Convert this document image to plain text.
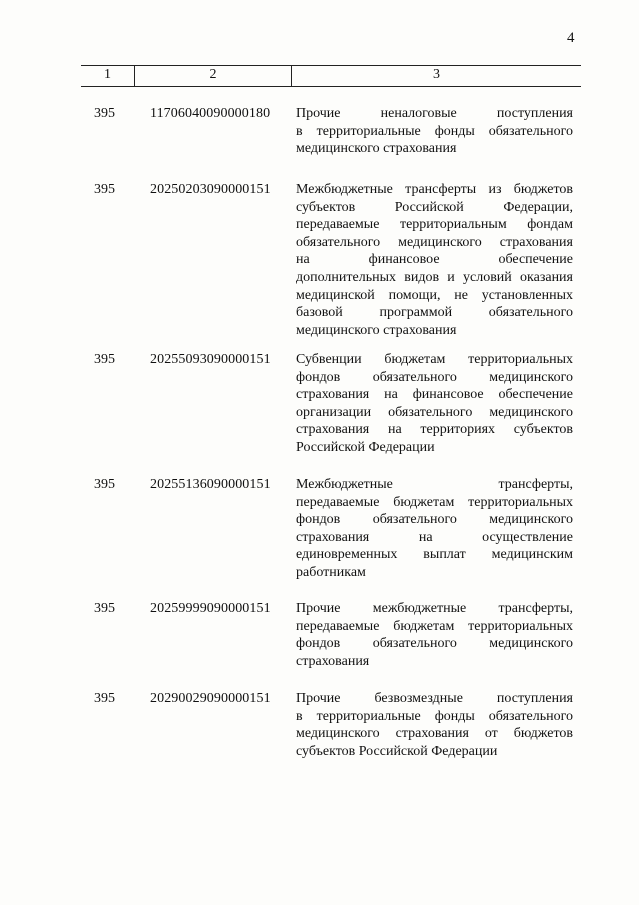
4
1	2	3
395	11706040090000180 Прочие неналоговые поступления
в территориальные фонды обязательного
медицинского страхования
395	20250203090000151 Межбюджетные трансферты из бюджетов
субъектов Российской Федерации,
передаваемые территориальным фондам
обязательного медицинского страхования
на финансовое обеспечение
дополнительных видов и условий оказания
медицинской помощи, не установленных
базовой программой обязательного
медицинского страхования
395	20255093090000151 Субвенции бюджетам территориальных
фондов обязательного медицинского
страхования на финансовое обеспечение
организации обязательного медицинского
страхования на территориях субъектов
Российской Федерации
395	20255136090000151 Межбюджетные трансферты,
передаваемые бюджетам территориальных
фондов обязательного медицинского
страхования на осуществление
единовременных выплат медицинским
работникам
395	20259999090000151 Прочие межбюджетные трансферты,
передаваемые бюджетам территориальных
фондов обязательного медицинского
страхования
395	20290029090000151 Прочие безвозмездные поступления
в территориальные фонды обязательного
медицинского страхования от бюджетов
субъектов Российской Федерации
